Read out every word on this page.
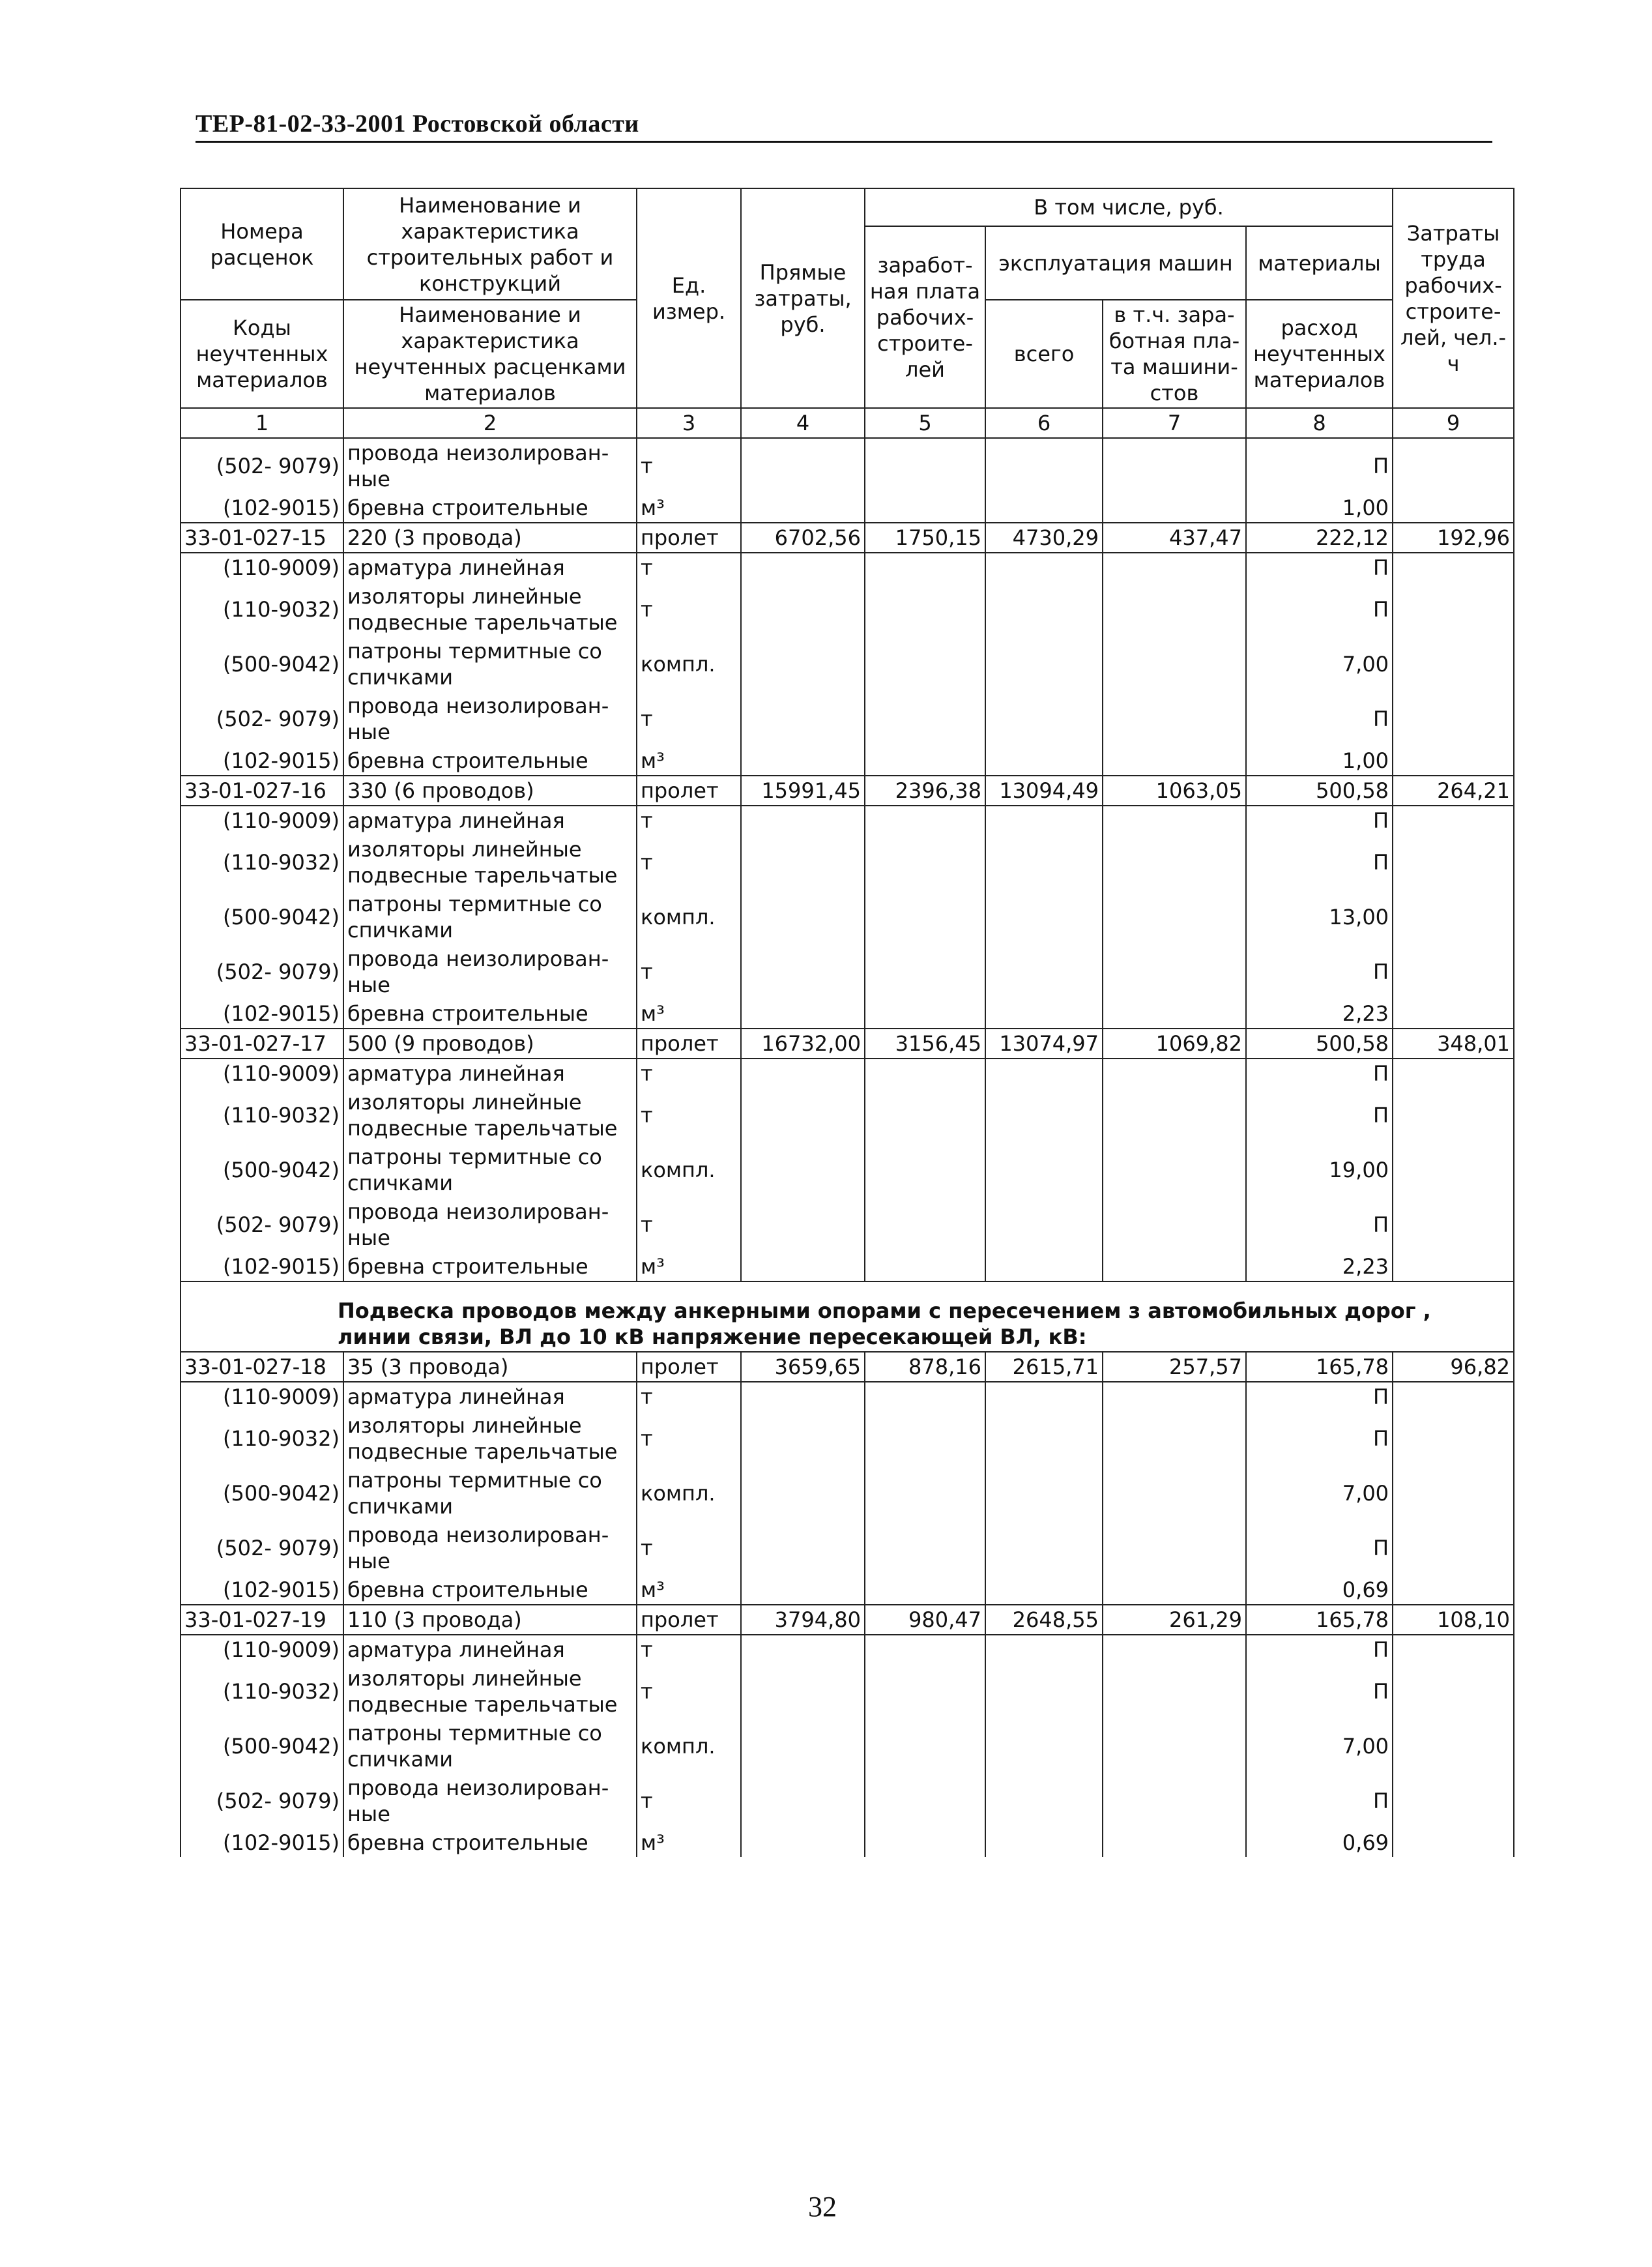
ТЕР-81-02-33-2001 Ростовской области
Номера расценок	Наименование и характеристика строительных работ и конструкций	Ед. измер.	Прямые затраты, руб.	В том числе, руб.				Затраты труда рабочих-строите-лей, чел.-ч
				заработ-ная плата рабочих-строите-лей	эксплуатация машин		материалы	
Коды неучтенных материалов	Наименование и характеристика неучтенных расценками материалов				всего	в т.ч. зара-ботная пла-та машини-стов	расход неучтенных материалов	

1	2	3	4	5	6	7	8	9
(502- 9079)	провода неизолирован-ные	т					П	
(102-9015)	бревна строительные	м³					1,00	
33-01-027-15	220 (3 провода)	пролет	6702,56	1750,15	4730,29	437,47	222,12	192,96
(110-9009)	арматура линейная	т					П	
(110-9032)	изоляторы линейные подвесные тарельчатые	т					П	
(500-9042)	патроны термитные со спичками	компл.					7,00	
(502- 9079)	провода неизолирован-ные	т					П	
(102-9015)	бревна строительные	м³					1,00	
33-01-027-16	330 (6 проводов)	пролет	15991,45	2396,38	13094,49	1063,05	500,58	264,21
(110-9009)	арматура линейная	т					П	
(110-9032)	изоляторы линейные подвесные тарельчатые	т					П	
(500-9042)	патроны термитные со спичками	компл.					13,00	
(502- 9079)	провода неизолирован-ные	т					П	
(102-9015)	бревна строительные	м³					2,23	
33-01-027-17	500 (9 проводов)	пролет	16732,00	3156,45	13074,97	1069,82	500,58	348,01
(110-9009)	арматура линейная	т					П	
(110-9032)	изоляторы линейные подвесные тарельчатые	т					П	
(500-9042)	патроны термитные со спичками	компл.					19,00	
(502- 9079)	провода неизолирован-ные	т					П	
(102-9015)	бревна строительные	м³					2,23	
Подвеска проводов между анкерными опорами с пересечением з автомобильных дорог , линии связи, ВЛ до 10 кВ напряжение пересекающей ВЛ, кВ:								
33-01-027-18	35 (3 провода)	пролет	3659,65	878,16	2615,71	257,57	165,78	96,82
(110-9009)	арматура линейная	т					П	
(110-9032)	изоляторы линейные подвесные тарельчатые	т					П	
(500-9042)	патроны термитные со спичками	компл.					7,00	
(502- 9079)	провода неизолирован-ные	т					П	
(102-9015)	бревна строительные	м³					0,69	
33-01-027-19	110 (3 провода)	пролет	3794,80	980,47	2648,55	261,29	165,78	108,10
(110-9009)	арматура линейная	т					П	
(110-9032)	изоляторы линейные подвесные тарельчатые	т					П	
(500-9042)	патроны термитные со спичками	компл.					7,00	
(502- 9079)	провода неизолирован-ные	т					П	
(102-9015)	бревна строительные	м³					0,69	
32
